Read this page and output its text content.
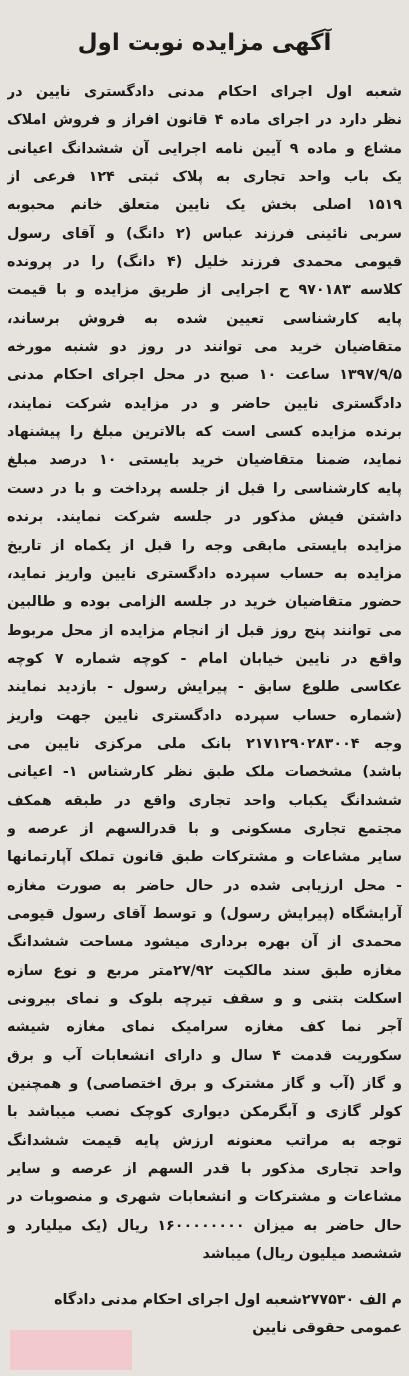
آگهی مزایده نوبت اول
شعبه اول اجرای احکام مدنی دادگستری نایین در
نظر دارد در اجرای ماده ۴ قانون افراز و فروش املاک
مشاع و ماده ۹ آیین نامه اجرایی آن ششدانگ اعیانی
یک باب واحد تجاری به پلاک ثبتی ۱۲۴ فرعی از
۱۵۱۹ اصلی بخش یک نایین متعلق خانم محبوبه
سربی نائینی فرزند عباس (۲ دانگ) و آقای رسول
قیومی محمدی فرزند خلیل (۴ دانگ) را در پرونده
کلاسه ۹۷۰۱۸۳ ح اجرایی از طریق مزایده و با قیمت
پایه کارشناسی تعیین شده به فروش برساند،
متقاضیان خرید می توانند در روز دو شنبه مورخه
۱۳۹۷/۹/۵ ساعت ۱۰ صبح در محل اجرای احکام مدنی
دادگستری نایین حاضر و در مزایده شرکت نمایند،
برنده مزایده کسی است که بالاترین مبلغ را پیشنهاد
نماید، ضمنا متقاضیان خرید بایستی ۱۰ درصد مبلغ
پایه کارشناسی را قبل از جلسه پرداخت و با در دست
داشتن فیش مذکور در جلسه شرکت نمایند. برنده
مزایده بایستی مابقی وجه را قبل از یکماه از تاریخ
مزایده به حساب سپرده دادگستری نایین واریز نماید،
حضور متقاضیان خرید در جلسه الزامی بوده و طالبین
می توانند پنج روز قبل از انجام مزایده از محل مربوط
واقع در نایین خیابان امام - کوچه شماره ۷ کوچه
عکاسی طلوع سابق - پیرایش رسول - بازدید نمایند
(شماره حساب سپرده دادگستری نایین جهت واریز
وجه ۲۱۷۱۲۹۰۲۸۳۰۰۴ بانک ملی مرکزی نایین می
باشد) مشخصات ملک طبق نظر کارشناس ۱- اعیانی
ششدانگ یکباب واحد تجاری واقع در طبقه همکف
مجتمع تجاری مسکونی و با قدرالسهم از عرصه و
سایر مشاعات و مشترکات طبق قانون تملک آپارتمانها
- محل ارزیابی شده در حال حاضر به صورت مغازه
آرایشگاه (پیرایش رسول) و توسط آقای رسول قیومی
محمدی از آن بهره برداری میشود مساحت ششدانگ
مغازه طبق سند مالکیت ۲۷/۹۲متر مربع و نوع سازه
اسکلت بتنی و و سقف تیرچه بلوک و نمای بیرونی
آجر نما کف مغازه سرامیک نمای مغازه شیشه
سکوریت قدمت ۴ سال و دارای انشعابات آب و برق
و گاز (آب و گاز مشترک و برق اختصاصی) و همچنین
کولر گازی و آبگرمکن دیواری کوچک نصب میباشد با
توجه به مراتب معنونه ارزش پایه قیمت ششدانگ
واحد تجاری مذکور با قدر السهم از عرصه و سایر
مشاعات و مشترکات و انشعابات شهری و منصوبات در
حال حاضر به میزان ۱۶۰۰۰۰۰۰۰۰ ریال (یک میلیارد و
ششصد میلیون ریال) میباشد
م الف ۲۷۷۵۳۰شعبه اول اجرای احکام مدنی دادگاه
عمومی حقوقی نایین
